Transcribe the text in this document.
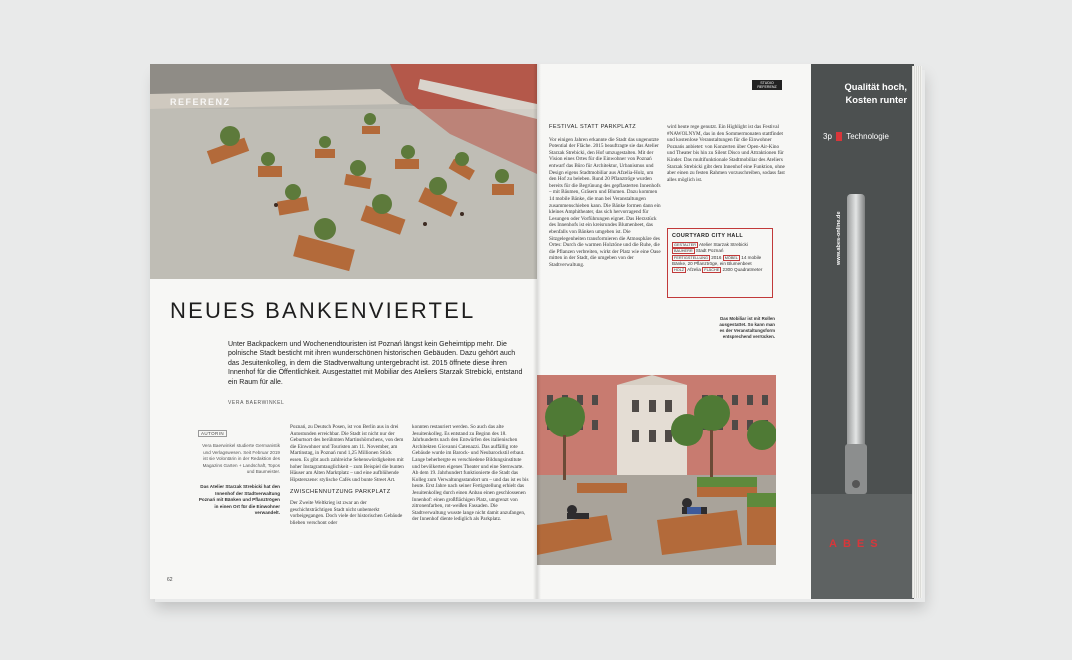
REFERENZ
NEUES BANKENVIERTEL

Unter Backpackern und Wochenendtouristen ist Poznań längst kein Geheimtipp mehr. Die polnische Stadt besticht mit ihren wunderschönen historischen Gebäuden. Dazu gehört auch das Jesuitenkolleg, in dem die Stadtverwaltung untergebracht ist. 2015 öffnete diese ihren Innenhof für die Öffentlichkeit. Ausgestattet mit Mobiliar des Ateliers Starzak Strebicki, entstand ein Raum für alle.

VERA BAERWINKEL
AUTORIN

Vera Baerwinkel studierte Germanistik und Verlagswesen. Seit Februar 2019 ist sie Volontärin in der Redaktion des Magazins Garten + Landschaft, Topos und Baumeister.

Das Atelier Starzak Strebicki hat den Innenhof der Stadtverwaltung Poznań mit Bänken und Pflanztrögen in einen Ort für die Einwohner verwandelt.

Poznań, zu Deutsch Posen, ist von Berlin aus in drei Autostunden erreichbar. Die Stadt ist nicht nur der Geburtsort des berühmten Martinshörnchens, von dem die Einwohner und Touristen am 11. November, am Martinstag, in Poznań rund 1,25 Millionen Stück essen. Es gibt auch zahlreiche Sehenswürdigkeiten mit hoher Instagramtauglichkeit – zum Beispiel die bunten Häuser am Alten Marktplatz – und eine aufblühende Hipsterszene: stylische Cafés und bunte Street Art.
ZWISCHENNUTZUNG PARKPLATZ
Der Zweite Weltkrieg ist zwar an der geschichtsträchtigen Stadt nicht unbemerkt vorbeigegangen. Doch viele der historischen Gebäude blieben verschont oder
konnten restauriert werden. So auch das alte Jesuitenkolleg. Es entstand zu Beginn des 18. Jahrhunderts nach den Entwürfen des italienischen Architekten Giovanni Catenazzi. Das auffällig rote Gebäude wurde im Barock- und Neubarockstil erbaut. Lange beherbergte es verschiedene Bildungsinstitute und bevölkerten eigenes Theater und eine Sternwarte. Ab dem 19. Jahrhundert funktionierte die Stadt das Kolleg zum Verwaltungsstandort um – und das ist es bis heute. Erst Jahre nach seiner Fertigstellung erhielt das Jesuitenkolleg durch einen Anbau einen geschlossenen Innenhof: einen großflächigen Platz, umgrenzt von zitronenfarben, rot-weißen Fassaden. Die Stadtverwaltung wusste lange nicht damit anzufangen, der Innenhof diente lediglich als Parkplatz.
62
STUDIO REFERENZ
FESTIVAL STATT PARKPLATZ
Vor einigen Jahren erkannte die Stadt das ungenutzte Potential der Fläche. 2015 beauftragte sie das Atelier Starzak Strebicki, den Hof umzugestalten. Mit der Vision eines Ortes für die Einwohner von Poznań entwarf das Büro für Architektur, Urbanismus und Design eigens Stadtmobiliar aus Afzelia-Holz, um den Hof zu beleben. Rund 20 Pflanztröge wurden bereits für die Begrünung des gepflasterten Innenhofs – mit Bäumen, Gräsern und Blumen. Dazu kommen 14 mobile Bänke, die man bei Veranstaltungen zusammenschieben kann. Die Bänke formen dann ein kleines Amphitheater, das sich hervorragend für Lesungen oder Vorführungen eignet. Das Herzstück des Innenhofs ist ein kreisrundes Blumenbeet, das ebenfalls von Bänken umgeben ist. Die Sitzgelegenheiten transformieren die Atmosphäre des Ortes: Durch die warmen Holztöne und die Ruhe, die die Pflanzen verbreiten, wirkt der Platz wie eine Oase mitten in der Stadt, die umgeben von der Stadtverwaltung.
wird heute rege genutzt. Ein Highlight ist das Festival #NAWOLNYM, das in den Sommermonaten stattfindet und kostenlose Veranstaltungen für die Einwohner Poznańs anbietet: von Konzerten über Open-Air-Kino und Theater bis hin zu Silent Disco und Attraktionen für Kinder. Das multifunktionale Stadtmobiliar des Ateliers Starzak Strebicki gibt dem Innenhof eine Funktion, ohne aber einen zu festen Rahmen vorzuschreiben, sodass fast alles möglich ist.
COURTYARD CITY HALL
GESTALTER Atelier Starzak Strebicki
BAUHERR Stadt Poznań
FERTIGSTELLUNG 2016 MÖBEL 14 mobile Bänke, 20 Pflanztröge, ein Blumenbeet
HOLZ Afzelia FLÄCHE 2300 Quadratmeter

Das Mobiliar ist mit Rollen ausgestattet. So kann man es der Veranstaltungsform entsprechend verrücken.

Qualität hoch,
Kosten runter
3p Technologie
www.abes-online.de
ABES
